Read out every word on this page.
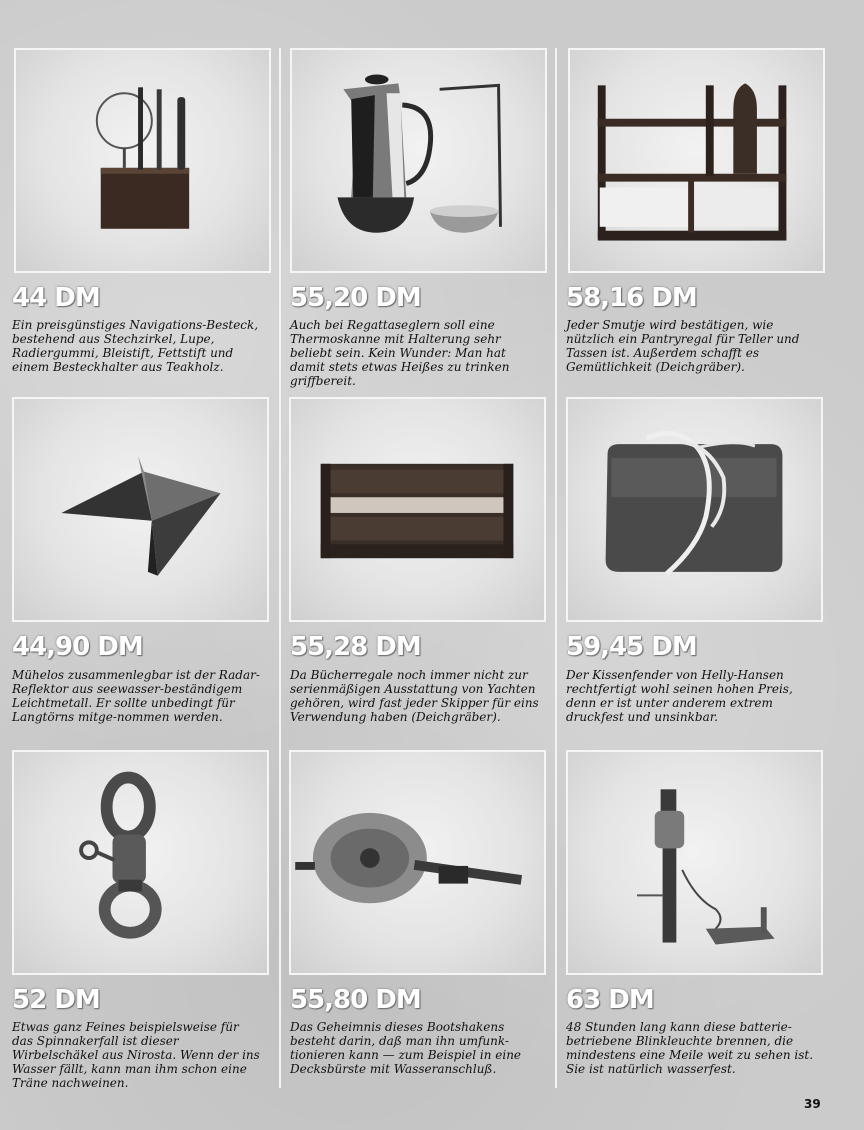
44 DM
Ein preisgünstiges Navigations-Besteck, bestehend aus Stechzirkel, Lupe, Radiergummi, Bleistift, Fettstift und einem Besteckhalter aus Teakholz.
55,20 DM
Auch bei Regattaseglern soll eine Thermoskanne mit Halterung sehr beliebt sein. Kein Wunder: Man hat damit stets etwas Heißes zu trinken griffbereit.
58,16 DM
Jeder Smutje wird bestätigen, wie nützlich ein Pantryregal für Teller und Tassen ist. Außerdem schafft es Gemütlichkeit (Deichgräber).
44,90 DM
Mühelos zusammenlegbar ist der Radar-Reflektor aus seewasser-beständigem Leichtmetall. Er sollte unbedingt für Langtörns mitge-nommen werden.
55,28 DM
Da Bücherregale noch immer nicht zur serienmäßigen Ausstattung von Yachten gehören, wird fast jeder Skipper für eins Verwendung haben (Deichgräber).
59,45 DM
Der Kissenfender von Helly-Hansen rechtfertigt wohl seinen hohen Preis, denn er ist unter anderem extrem druckfest und unsinkbar.
52 DM
Etwas ganz Feines beispielsweise für das Spinnakerfall ist dieser Wirbelschäkel aus Nirosta. Wenn der ins Wasser fällt, kann man ihm schon eine Träne nachweinen.
55,80 DM
Das Geheimnis dieses Bootshakens besteht darin, daß man ihn umfunk-tionieren kann — zum Beispiel in eine Decksbürste mit Wasseranschluß.
63 DM
48 Stunden lang kann diese batterie-betriebene Blinkleuchte brennen, die mindestens eine Meile weit zu sehen ist. Sie ist natürlich wasserfest.
39
